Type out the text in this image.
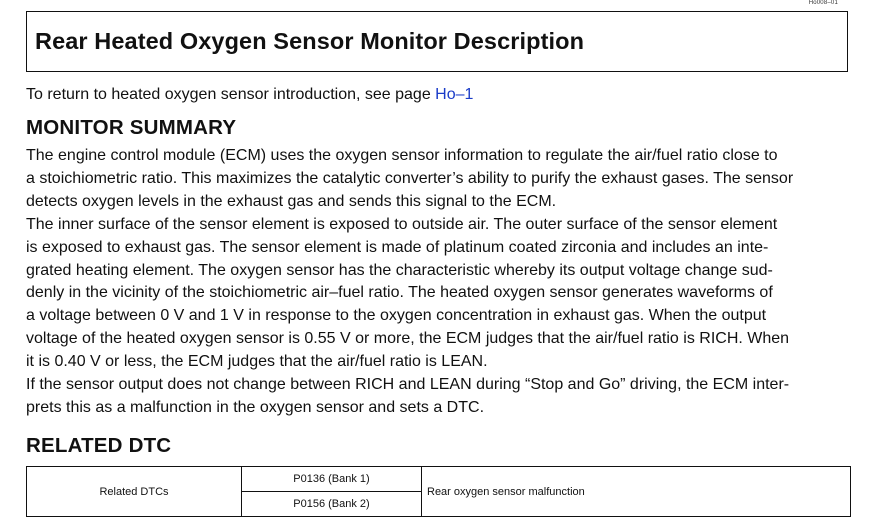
Ho008–01
Rear Heated Oxygen Sensor Monitor Description
To return to heated oxygen sensor introduction, see page Ho–1
MONITOR SUMMARY
The engine control module (ECM) uses the oxygen sensor information to regulate the air/fuel ratio close to
a stoichiometric ratio. This maximizes the catalytic converter’s ability to purify the exhaust gases. The sensor
detects oxygen levels in the exhaust gas and sends this signal to the ECM.
The inner surface of the sensor element is exposed to outside air. The outer surface of the sensor element
is exposed to exhaust gas. The sensor element is made of platinum coated zirconia and includes an inte-
grated heating element. The oxygen sensor has the characteristic whereby its output voltage change sud-
denly in the vicinity of the stoichiometric air–fuel ratio. The heated oxygen sensor generates waveforms of
a voltage between 0 V and 1 V in response to the oxygen concentration in exhaust gas. When the output
voltage of the heated oxygen sensor is 0.55 V or more, the ECM judges that the air/fuel ratio is RICH. When
it is 0.40 V or less, the ECM judges that the air/fuel ratio is LEAN.
If the sensor output does not change between RICH and LEAN during “Stop and Go” driving, the ECM inter-
prets this as a malfunction in the oxygen sensor and sets a DTC.
RELATED DTC
Related DTCs	P0136 (Bank 1)	Rear oxygen sensor malfunction
P0156 (Bank 2)
